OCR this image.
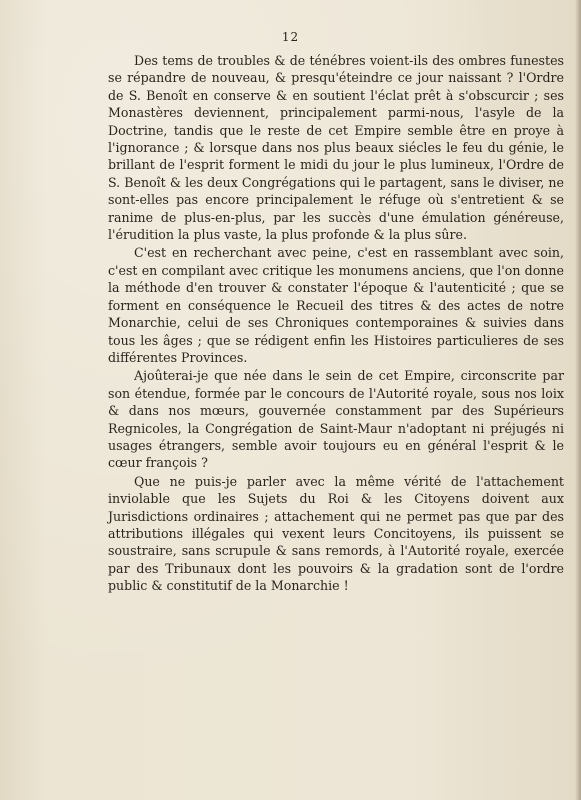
12

Des tems de troubles & de ténébres voient-ils des ombres funestes se répandre de nouveau, & presqu'éteindre ce jour naissant ? l'Ordre de S. Benoît en conserve & en soutient l'éclat prêt à s'obscurcir ; ses Monastères deviennent, principalement parmi-nous, l'asyle de la Doctrine, tandis que le reste de cet Empire semble être en proye à l'ignorance ; & lorsque dans nos plus beaux siécles le feu du génie, le brillant de l'esprit forment le midi du jour le plus lumineux, l'Ordre de S. Benoît & les deux Congrégations qui le partagent, sans le diviser, ne sont-elles pas encore principalement le réfuge où s'entretient & se ranime de plus-en-plus, par les succès d'une émulation généreuse, l'érudition la plus vaste, la plus profonde & la plus sûre.

C'est en recherchant avec peine, c'est en rassemblant avec soin, c'est en compilant avec critique les monumens anciens, que l'on donne la méthode d'en trouver & constater l'époque & l'autenticité ; que se forment en conséquence le Recueil des titres & des actes de notre Monarchie, celui de ses Chroniques contemporaines & suivies dans tous les âges ; que se rédigent enfin les Histoires particulieres de ses différentes Provinces.

Ajoûterai-je que née dans le sein de cet Empire, circonscrite par son étendue, formée par le concours de l'Autorité royale, sous nos loix & dans nos mœurs, gouvernée constamment par des Supérieurs Regnicoles, la Congrégation de Saint-Maur n'adoptant ni préjugés ni usages étrangers, semble avoir toujours eu en général l'esprit & le cœur françois ?

Que ne puis-je parler avec la même vérité de l'attachement inviolable que les Sujets du Roi & les Citoyens doivent aux Jurisdictions ordinaires ; attachement qui ne permet pas que par des attributions illégales qui vexent leurs Concitoyens, ils puissent se soustraire, sans scrupule & sans remords, à l'Autorité royale, exercée par des Tribunaux dont les pouvoirs & la gradation sont de l'ordre public & constitutif de la Monarchie !
